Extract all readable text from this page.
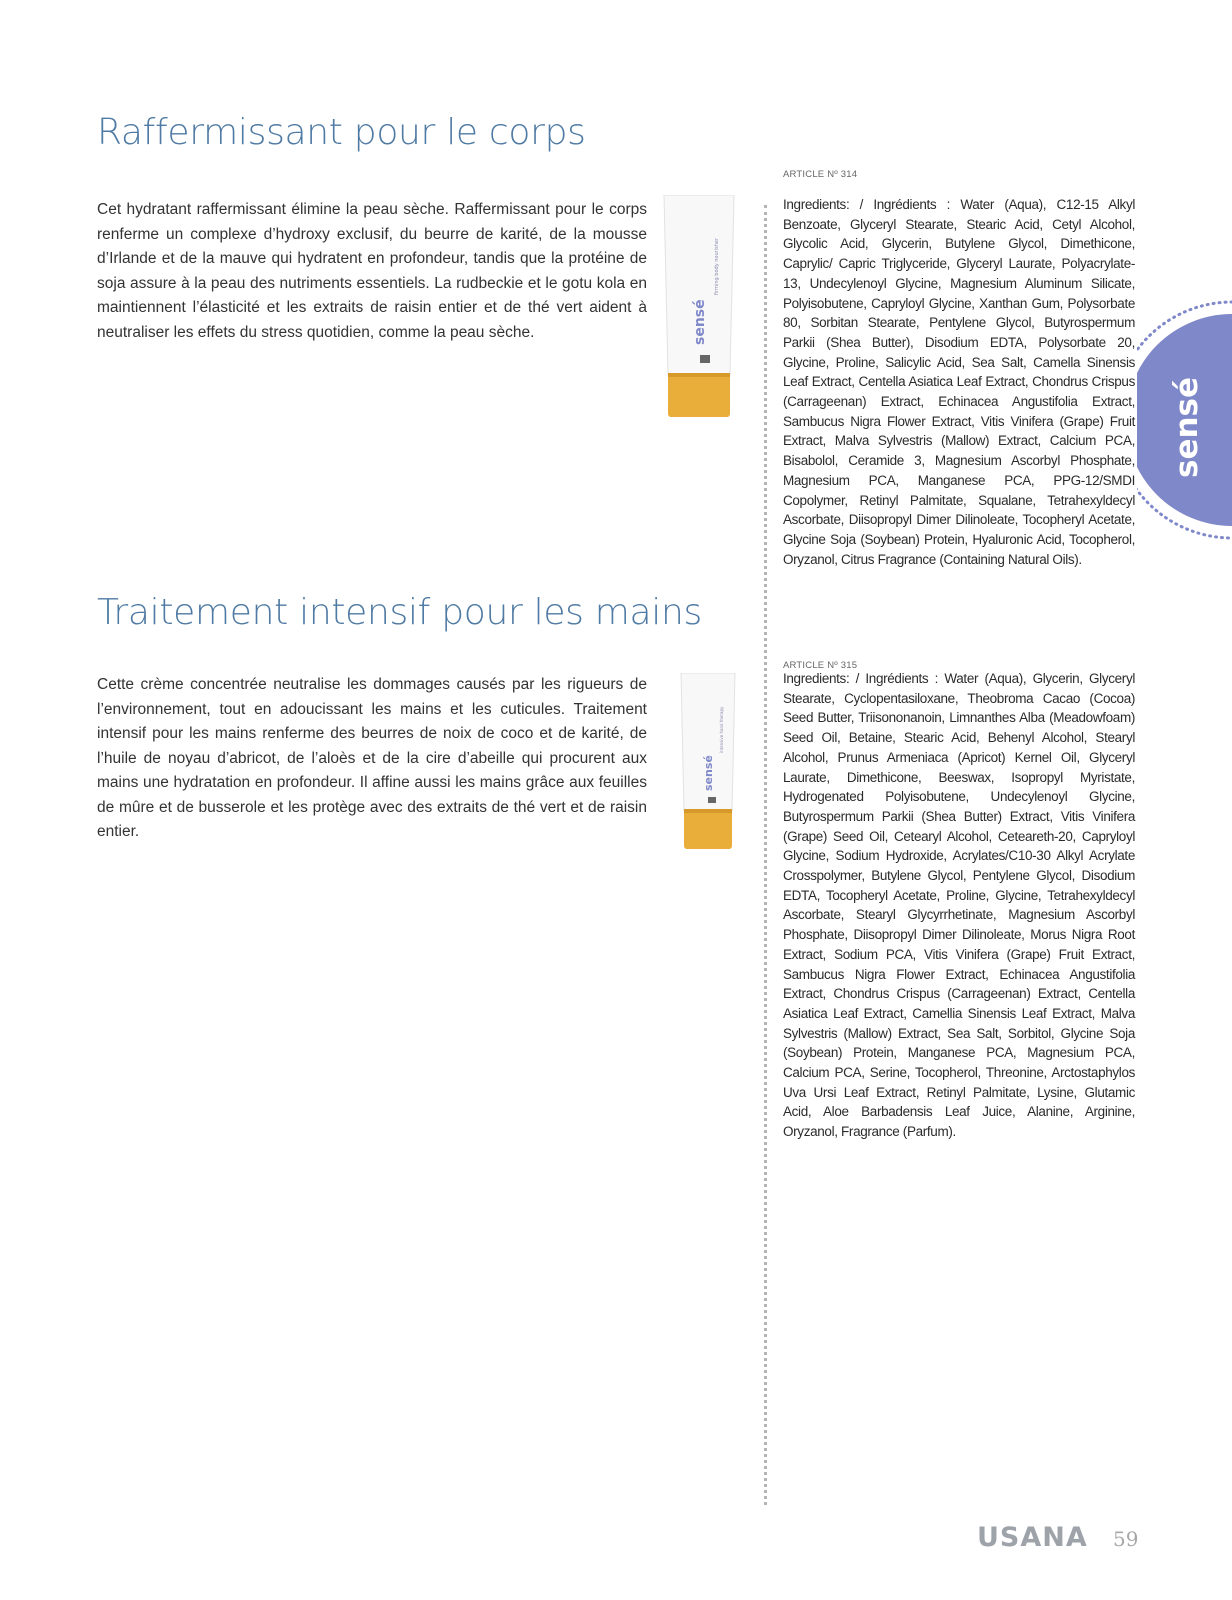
Raffermissant pour le corps

Cet hydratant raffermissant élimine la peau sèche. Raffermissant pour le corps renferme un complexe d’hydroxy exclusif, du beurre de karité, de la mousse d’Irlande et de la mauve qui hydratent en profondeur, tandis que la protéine de soja assure à la peau des nutriments essentiels. La rudbeckie et le gotu kola en maintiennent l’élasticité et les extraits de raisin entier et de thé vert aident à neutraliser les effets du stress quotidien, comme la peau sèche.	sensé
firming body nourisher
ARTICLE Nº 314

Ingredients: / Ingrédients : Water (Aqua), C12-15 Alkyl Benzoate, Glyceryl Stearate, Stearic Acid, Cetyl Alcohol, Glycolic Acid, Glycerin, Butylene Glycol, Dimethicone, Caprylic/ Capric Triglyceride, Glyceryl Laurate, Polyacrylate-13, Undecylenoyl Glycine, Magnesium Aluminum Silicate, Polyisobutene, Capryloyl Glycine, Xanthan Gum, Polysorbate 80, Sorbitan Stearate, Pentylene Glycol, Butyrospermum Parkii (Shea Butter), Disodium EDTA, Polysorbate 20, Glycine, Proline, Salicylic Acid, Sea Salt, Camella Sinensis Leaf Extract, Centella Asiatica Leaf Extract, Chondrus Crispus (Carrageenan) Extract, Echinacea Angustifolia Extract, Sambucus Nigra Flower Extract, Vitis Vinifera (Grape) Fruit Extract, Malva Sylvestris (Mallow) Extract, Calcium PCA, Bisabolol, Ceramide 3, Magnesium Ascorbyl Phosphate, Magnesium PCA, Manganese PCA, PPG-12/SMDI Copolymer, Retinyl Palmitate, Squalane, Tetrahexyldecyl Ascorbate, Diisopropyl Dimer Dilinoleate, Tocopheryl Acetate, Glycine Soja (Soybean) Protein, Hyaluronic Acid, Tocopherol, Oryzanol, Citrus Fragrance (Containing Natural Oils).

Traitement intensif pour les mains

Cette crème concentrée neutralise les dommages causés par les rigueurs de l’environnement, tout en adoucissant les mains et les cuticules. Traitement intensif pour les mains renferme des beurres de noix de coco et de karité, de l’huile de noyau d’abricot, de l’aloès et de la cire d’abeille qui procurent aux mains une hydratation en profondeur. Il affine aussi les mains grâce aux feuilles de mûre et de busserole et les protège avec des extraits de thé vert et de raisin entier.

sensé
intensive hand therapy
ARTICLE Nº 315

Ingredients: / Ingrédients : Water (Aqua), Glycerin, Glyceryl Stearate, Cyclopentasiloxane, Theobroma Cacao (Cocoa) Seed Butter, Triisononanoin, Limnanthes Alba (Meadowfoam) Seed Oil, Betaine, Stearic Acid, Behenyl Alcohol, Stearyl Alcohol, Prunus Armeniaca (Apricot) Kernel Oil, Glyceryl Laurate, Dimethicone, Beeswax, Isopropyl Myristate, Hydrogenated Polyisobutene, Undecylenoyl Glycine, Butyrospermum Parkii (Shea Butter) Extract, Vitis Vinifera (Grape) Seed Oil, Cetearyl Alcohol, Ceteareth-20, Capryloyl Glycine, Sodium Hydroxide, Acrylates/C10-30 Alkyl Acrylate Crosspolymer, Butylene Glycol, Pentylene Glycol, Disodium EDTA, Tocopheryl Acetate, Proline, Glycine, Tetrahexyldecyl Ascorbate, Stearyl Glycyrrhetinate, Magnesium Ascorbyl Phosphate, Diisopropyl Dimer Dilinoleate, Morus Nigra Root Extract, Sodium PCA, Vitis Vinifera (Grape) Fruit Extract, Sambucus Nigra Flower Extract, Echinacea Angustifolia Extract, Chondrus Crispus (Carrageenan) Extract, Centella Asiatica Leaf Extract, Camellia Sinensis Leaf Extract, Malva Sylvestris (Mallow) Extract, Sea Salt, Sorbitol, Glycine Soja (Soybean) Protein, Manganese PCA, Magnesium PCA, Calcium PCA, Serine, Tocopherol, Threonine, Arctostaphylos Uva Ursi Leaf Extract, Retinyl Palmitate, Lysine, Glutamic Acid, Aloe Barbadensis Leaf Juice, Alanine, Arginine, Oryzanol, Fragrance (Parfum).

sensé
USANA 59
